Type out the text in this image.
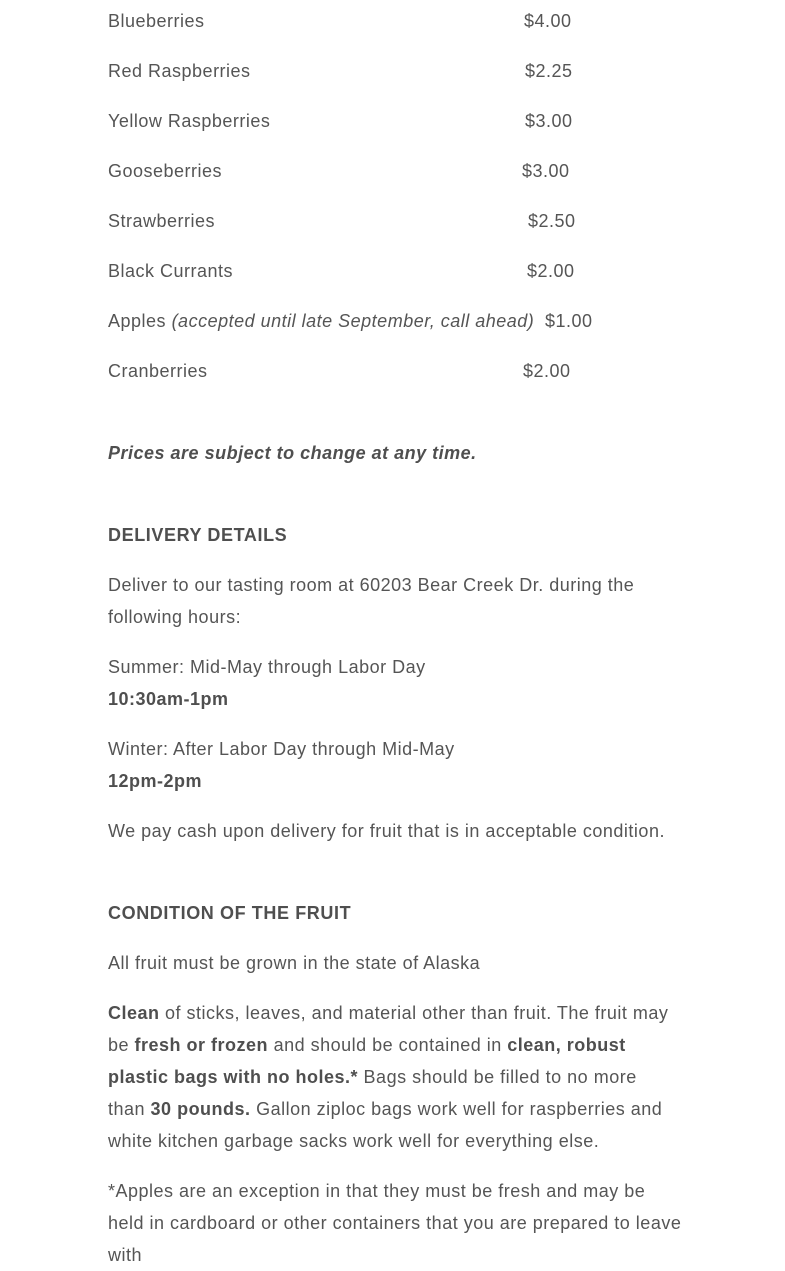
Blueberries	$4.00
Red Raspberries	$2.25
Yellow Raspberries	$3.00
Gooseberries	$3.00
Strawberries	$2.50
Black Currants	$2.00
Apples (accepted until late September, call ahead) $1.00
Cranberries	$2.00
Prices are subject to change at any time.
DELIVERY DETAILS
Deliver to our tasting room at 60203 Bear Creek Dr. during the following hours:
Summer: Mid-May through Labor Day
10:30am-1pm
Winter: After Labor Day through Mid-May
12pm-2pm
We pay cash upon delivery for fruit that is in acceptable condition.
CONDITION OF THE FRUIT
All fruit must be grown in the state of Alaska
Clean of sticks, leaves, and material other than fruit. The fruit may be fresh or frozen and should be contained in clean, robust plastic bags with no holes.* Bags should be filled to no more than 30 pounds. Gallon ziploc bags work well for raspberries and white kitchen garbage sacks work well for everything else.
*Apples are an exception in that they must be fresh and may be held in cardboard or other containers that you are prepared to leave with
